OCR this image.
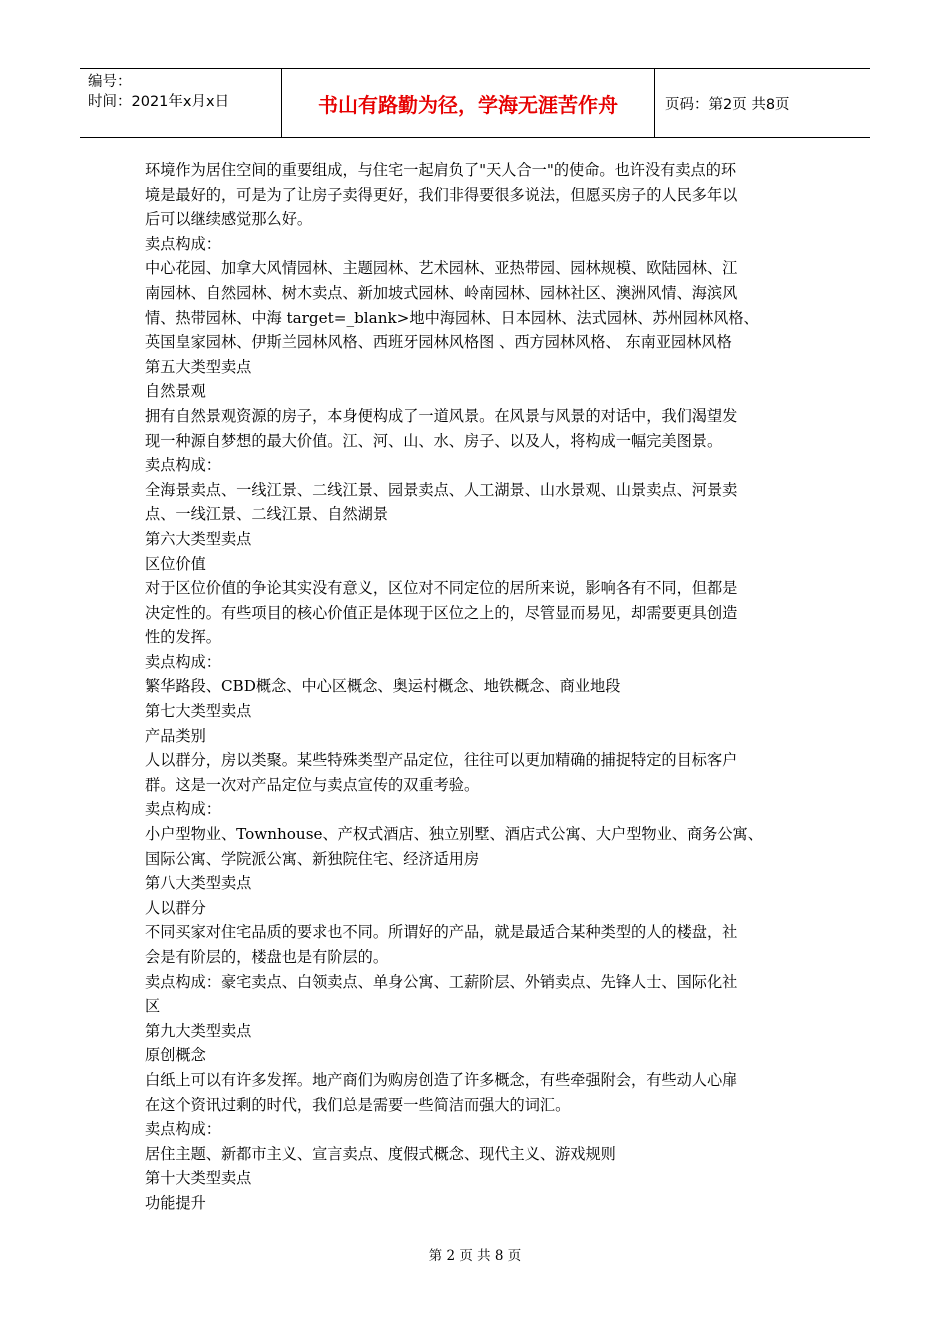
编号：
时间：2021年x月x日	书山有路勤为径，学海无涯苦作舟	页码：第2页 共8页
环境作为居住空间的重要组成，与住宅一起肩负了"天人合一"的使命。也许没有卖点的环
境是最好的，可是为了让房子卖得更好，我们非得要很多说法，但愿买房子的人民多年以
后可以继续感觉那么好。
卖点构成：
中心花园、加拿大风情园林、主题园林、艺术园林、亚热带园、园林规模、欧陆园林、江
南园林、自然园林、树木卖点、新加坡式园林、岭南园林、园林社区、澳洲风情、海滨风
情、热带园林、中海 target=_blank>地中海园林、日本园林、法式园林、苏州园林风格、
英国皇家园林、伊斯兰园林风格、西班牙园林风格图 、西方园林风格、 东南亚园林风格
第五大类型卖点
自然景观
拥有自然景观资源的房子，本身便构成了一道风景。在风景与风景的对话中，我们渴望发
现一种源自梦想的最大价值。江、河、山、水、房子、以及人，将构成一幅完美图景。
卖点构成：
全海景卖点、一线江景、二线江景、园景卖点、人工湖景、山水景观、山景卖点、河景卖
点、一线江景、二线江景、自然湖景
第六大类型卖点
区位价值
对于区位价值的争论其实没有意义，区位对不同定位的居所来说，影响各有不同，但都是
决定性的。有些项目的核心价值正是体现于区位之上的，尽管显而易见，却需要更具创造
性的发挥。
卖点构成：
繁华路段、CBD概念、中心区概念、奥运村概念、地铁概念、商业地段
第七大类型卖点
产品类别
人以群分，房以类聚。某些特殊类型产品定位，往往可以更加精确的捕捉特定的目标客户
群。这是一次对产品定位与卖点宣传的双重考验。
卖点构成：
小户型物业、Townhouse、产权式酒店、独立别墅、酒店式公寓、大户型物业、商务公寓、
国际公寓、学院派公寓、新独院住宅、经济适用房
第八大类型卖点
人以群分
不同买家对住宅品质的要求也不同。所谓好的产品，就是最适合某种类型的人的楼盘，社
会是有阶层的，楼盘也是有阶层的。
卖点构成：豪宅卖点、白领卖点、单身公寓、工薪阶层、外销卖点、先锋人士、国际化社
区
第九大类型卖点
原创概念
白纸上可以有许多发挥。地产商们为购房创造了许多概念，有些牵强附会，有些动人心扉
在这个资讯过剩的时代，我们总是需要一些简洁而强大的词汇。
卖点构成：
居住主题、新都市主义、宣言卖点、度假式概念、现代主义、游戏规则
第十大类型卖点
功能提升
第 2 页 共 8 页
